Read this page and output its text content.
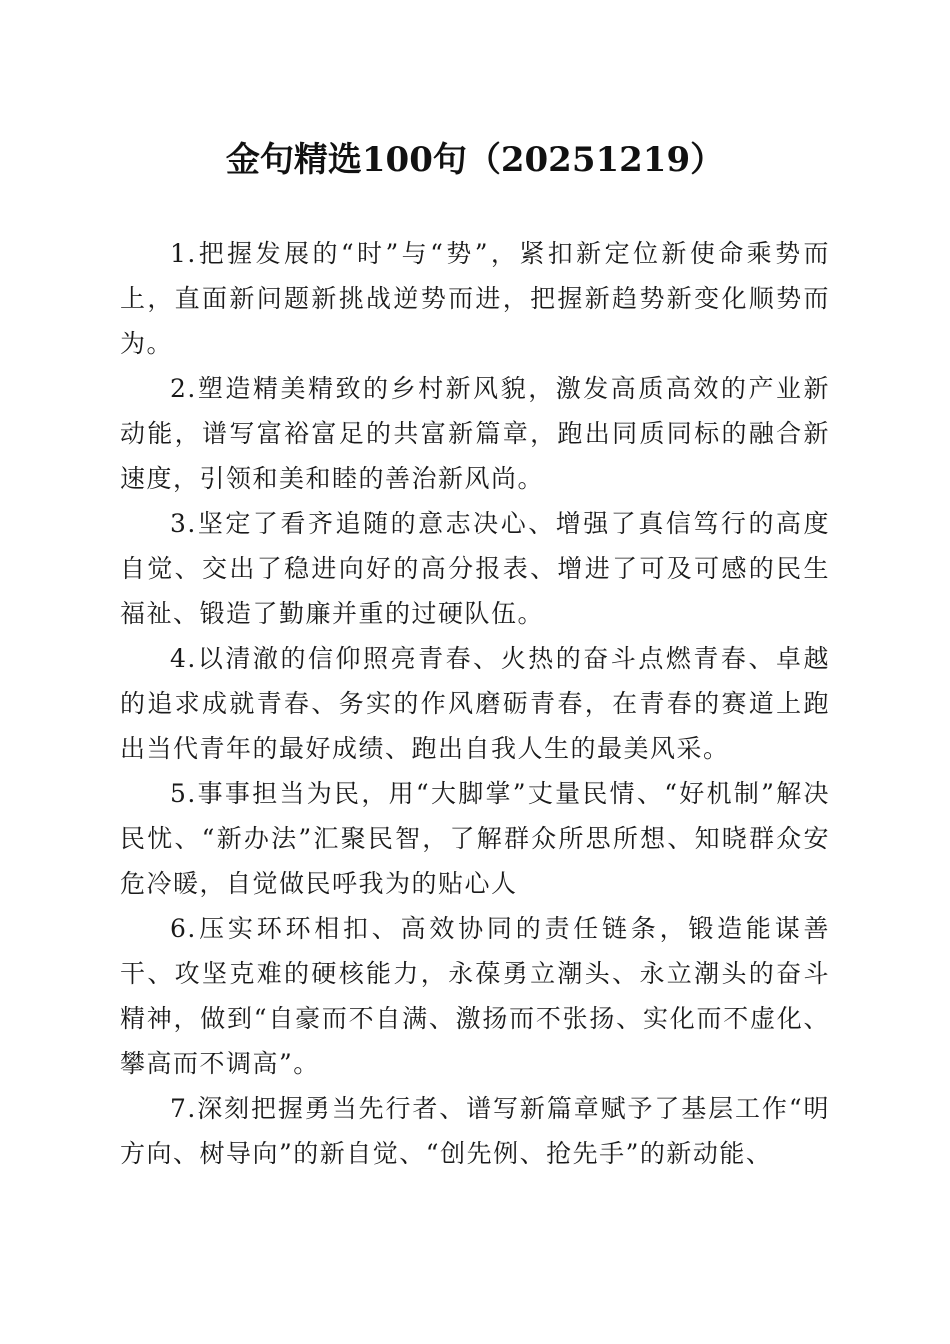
金句精选100句（20251219）

1.把握发展的“时”与“势”，紧扣新定位新使命乘势而上，直面新问题新挑战逆势而进，把握新趋势新变化顺势而为。

2.塑造精美精致的乡村新风貌，激发高质高效的产业新动能，谱写富裕富足的共富新篇章，跑出同质同标的融合新速度，引领和美和睦的善治新风尚。

3.坚定了看齐追随的意志决心、增强了真信笃行的高度自觉、交出了稳进向好的高分报表、增进了可及可感的民生福祉、锻造了勤廉并重的过硬队伍。

4.以清澈的信仰照亮青春、火热的奋斗点燃青春、卓越的追求成就青春、务实的作风磨砺青春，在青春的赛道上跑出当代青年的最好成绩、跑出自我人生的最美风采。

5.事事担当为民，用“大脚掌”丈量民情、“好机制”解决民忧、“新办法”汇聚民智，了解群众所思所想、知晓群众安危冷暖，自觉做民呼我为的贴心人

6.压实环环相扣、高效协同的责任链条，锻造能谋善干、攻坚克难的硬核能力，永葆勇立潮头、永立潮头的奋斗精神，做到“自豪而不自满、激扬而不张扬、实化而不虚化、攀高而不调高”。

7.深刻把握勇当先行者、谱写新篇章赋予了基层工作“明方向、树导向”的新自觉、“创先例、抢先手”的新动能、
